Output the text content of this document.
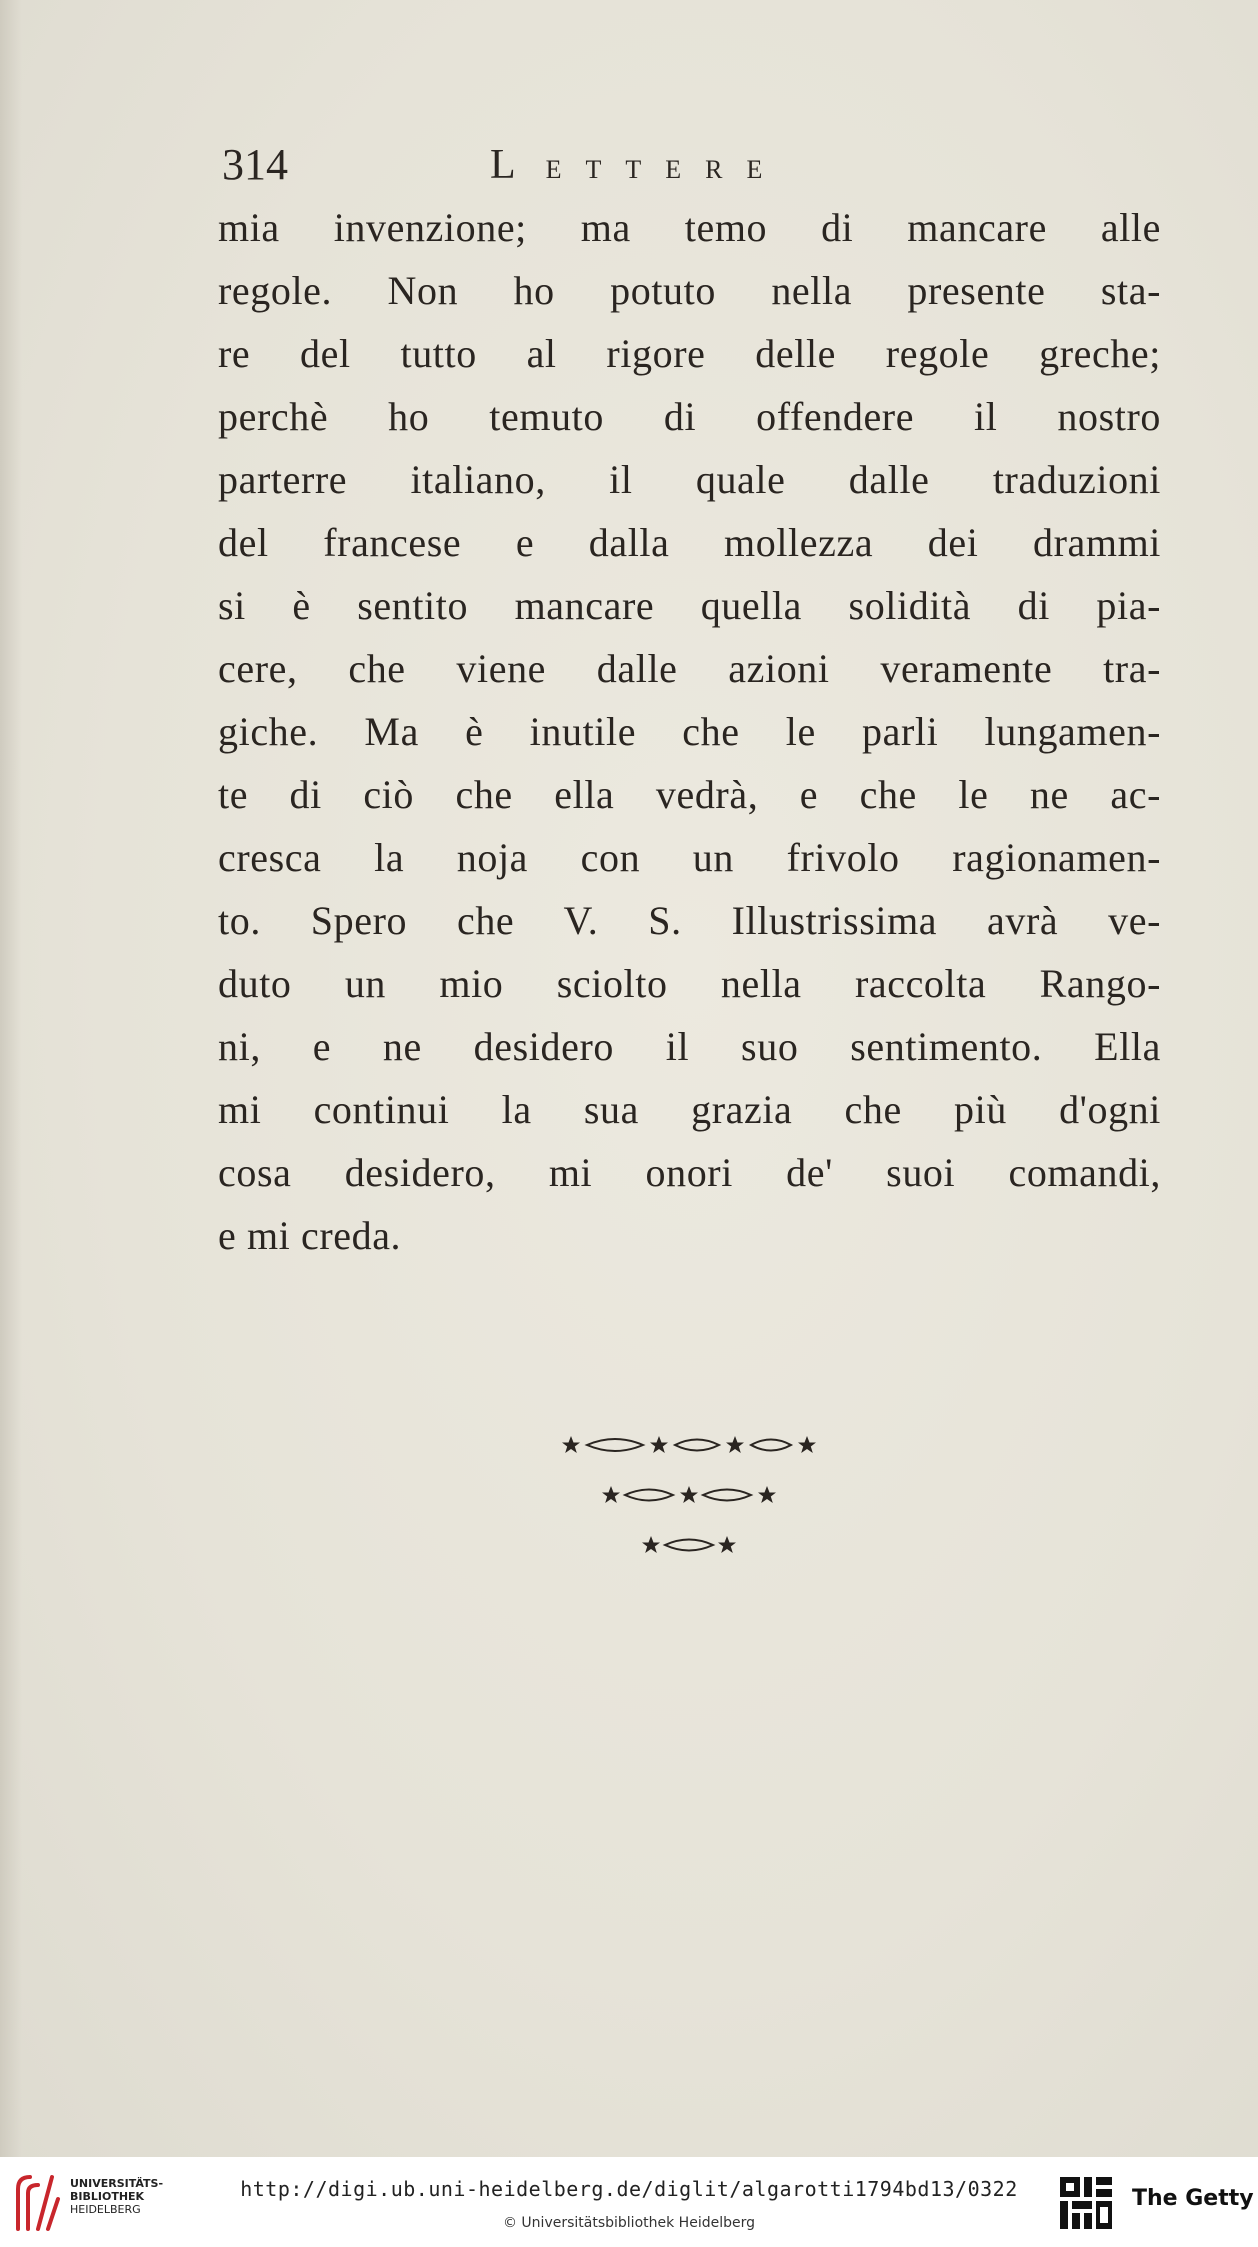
314	LETTERE
mia invenzione; ma temo di mancare alle
regole. Non ho potuto nella presente sta-
re del tutto al rigore delle regole greche;
perchè ho temuto di offendere il nostro
parterre italiano, il quale dalle traduzioni
del francese e dalla mollezza dei drammi
si è sentito mancare quella solidità di pia-
cere, che viene dalle azioni veramente tra-
giche. Ma è inutile che le parli lungamen-
te di ciò che ella vedrà, e che le ne ac-
cresca la noja con un frivolo ragionamen-
to. Spero che V. S. Illustrissima avrà ve-
duto un mio sciolto nella raccolta Rango-
ni, e ne desidero il suo sentimento. Ella
mi continui la sua grazia che più d'ogni
cosa desidero, mi onori de' suoi comandi,
e mi creda.
UNIVERSITÄTS-
BIBLIOTHEK
HEIDELBERG
http://digi.ub.uni-heidelberg.de/diglit/algarotti1794bd13/0322
© Universitätsbibliothek Heidelberg
The Getty
